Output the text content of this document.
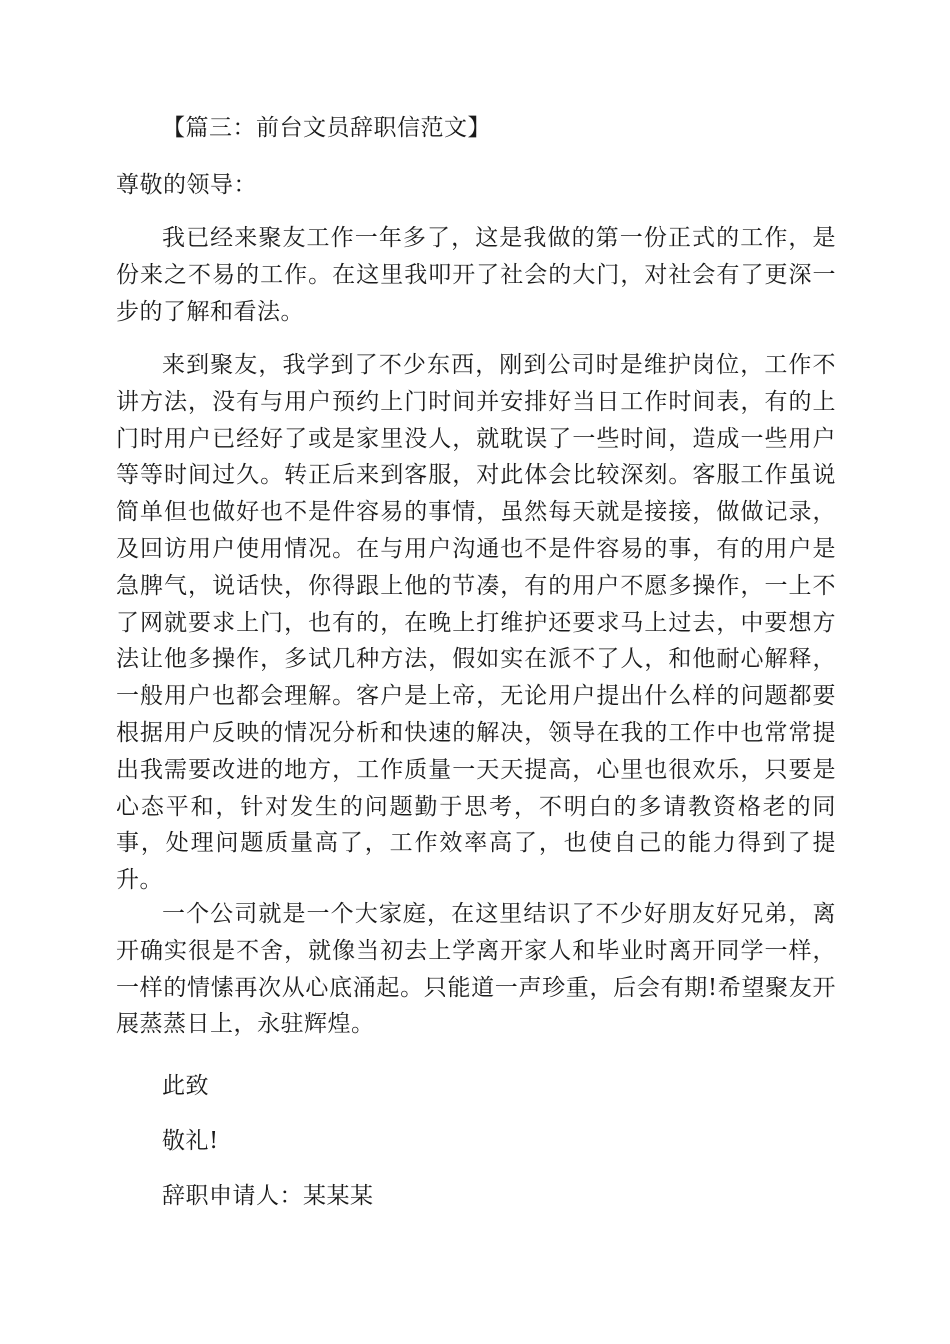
【篇三：前台文员辞职信范文】
尊敬的领导：

我已经来聚友工作一年多了，这是我做的第一份正式的工作，是份来之不易的工作。在这里我叩开了社会的大门，对社会有了更深一步的了解和看法。

来到聚友，我学到了不少东西，刚到公司时是维护岗位，工作不讲方法，没有与用户预约上门时间并安排好当日工作时间表，有的上门时用户已经好了或是家里没人，就耽误了一些时间，造成一些用户等等时间过久。转正后来到客服，对此体会比较深刻。客服工作虽说简单但也做好也不是件容易的事情，虽然每天就是接接，做做记录，及回访用户使用情况。在与用户沟通也不是件容易的事，有的用户是急脾气，说话快，你得跟上他的节凑，有的用户不愿多操作，一上不了网就要求上门，也有的，在晚上打维护还要求马上过去，中要想方法让他多操作，多试几种方法，假如实在派不了人，和他耐心解释，一般用户也都会理解。客户是上帝，无论用户提出什么样的问题都要根据用户反映的情况分析和快速的解决，领导在我的工作中也常常提出我需要改进的地方，工作质量一天天提高，心里也很欢乐，只要是心态平和，针对发生的问题勤于思考，不明白的多请教资格老的同事，处理问题质量高了，工作效率高了，也使自己的能力得到了提升。

一个公司就是一个大家庭，在这里结识了不少好朋友好兄弟，离开确实很是不舍，就像当初去上学离开家人和毕业时离开同学一样，一样的情愫再次从心底涌起。只能道一声珍重，后会有期!希望聚友开展蒸蒸日上，永驻辉煌。

此致
敬礼!
辞职申请人：某某某
